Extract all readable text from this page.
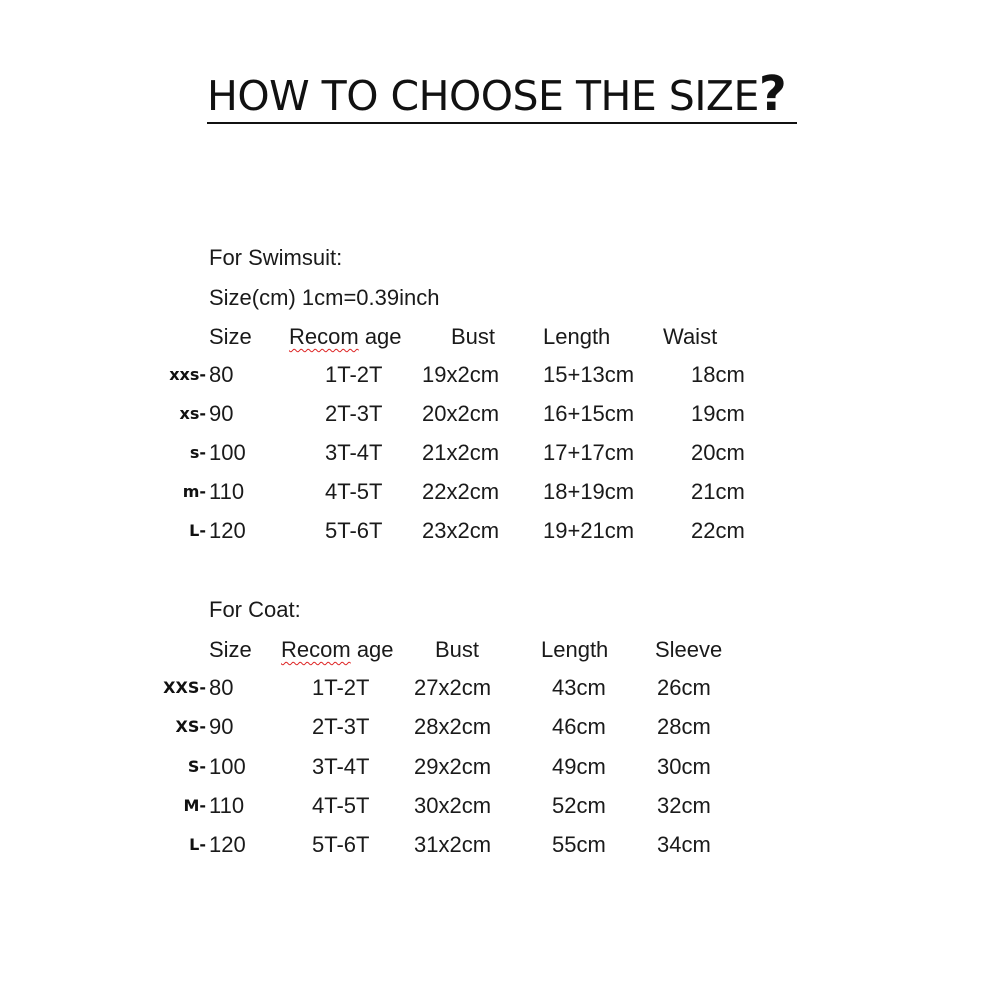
HOW TO CHOOSE THE SIZE?
For Swimsuit:
Size(cm) 1cm=0.39inch
Size Recom age Bust Length Waist
xxs- 80	1T-2T 19x2cm 15+13cm	18cm
xs- 90	2T-3T 20x2cm 16+15cm	19cm
s- 100	3T-4T 21x2cm 17+17cm	20cm
m- 110	4T-5T 22x2cm 18+19cm	21cm
L- 120	5T-6T 23x2cm 19+21cm	22cm
For Coat:
Size Recom age Bust	Length Sleeve
XXS- 80	1T-2T 27x2cm	43cm 26cm
XS- 90	2T-3T 28x2cm	46cm 28cm
S- 100	3T-4T 29x2cm	49cm 30cm
M- 110	4T-5T 30x2cm	52cm 32cm
L- 120	5T-6T 31x2cm	55cm 34cm
